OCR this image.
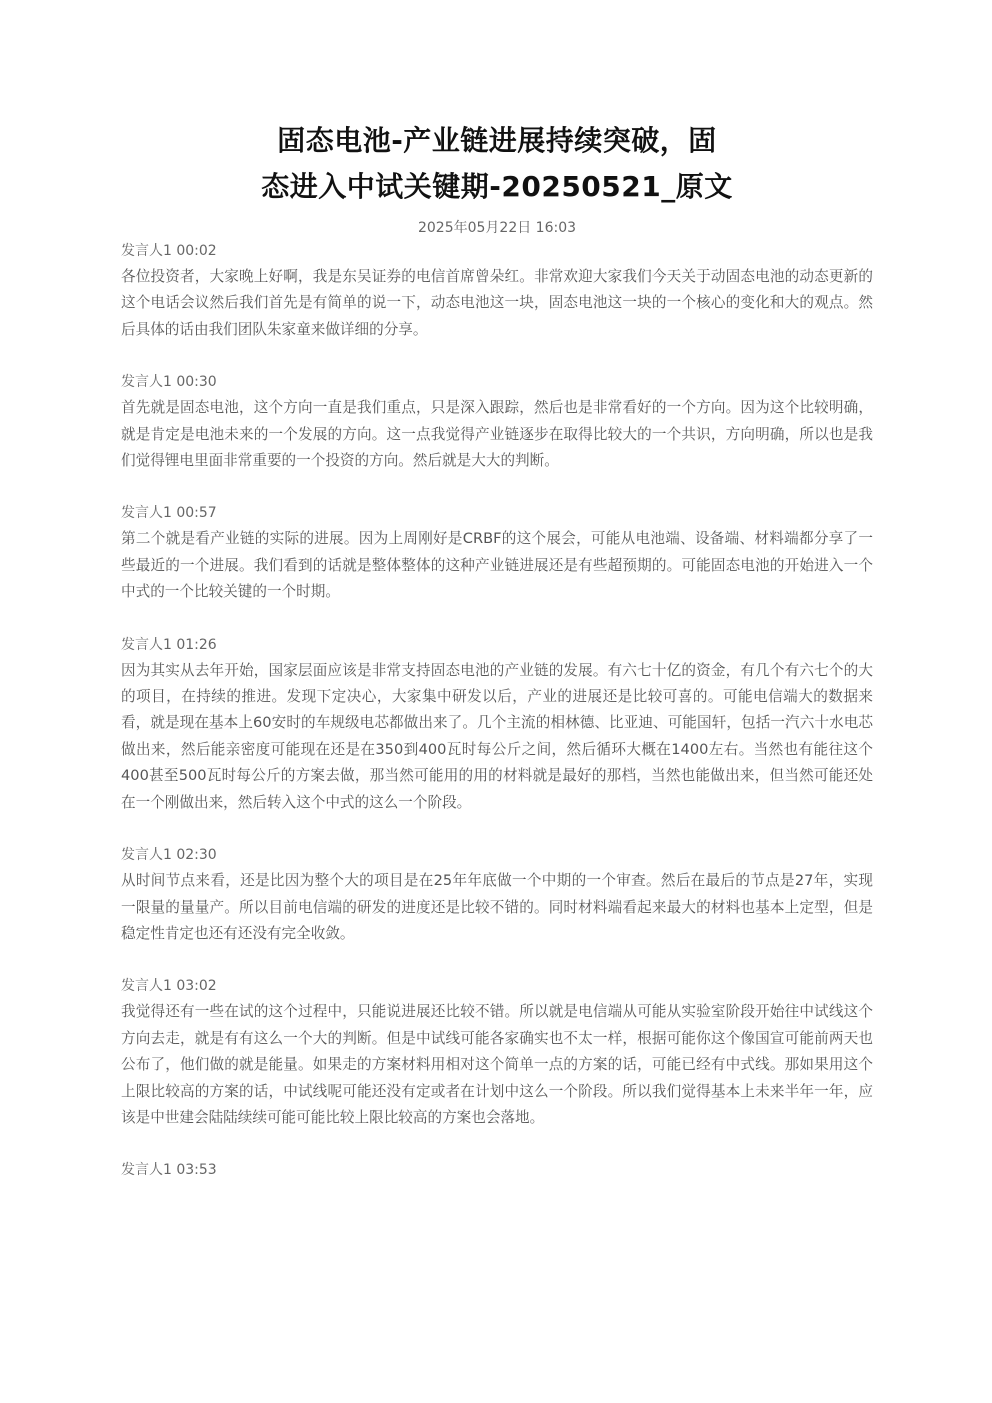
固态电池-产业链进展持续突破，固
态进入中试关键期-20250521_原文
2025年05月22日 16:03

发言人1 00:02

各位投资者，大家晚上好啊，我是东吴证券的电信首席曾朵红。非常欢迎大家我们今天关于动固态电池的动态更新的这个电话会议然后我们首先是有简单的说一下，动态电池这一块，固态电池这一块的一个核心的变化和大的观点。然后具体的话由我们团队朱家童来做详细的分享。

发言人1 00:30

首先就是固态电池，这个方向一直是我们重点，只是深入跟踪，然后也是非常看好的一个方向。因为这个比较明确，就是肯定是电池未来的一个发展的方向。这一点我觉得产业链逐步在取得比较大的一个共识，方向明确，所以也是我们觉得锂电里面非常重要的一个投资的方向。然后就是大大的判断。

发言人1 00:57

第二个就是看产业链的实际的进展。因为上周刚好是CRBF的这个展会，可能从电池端、设备端、材料端都分享了一些最近的一个进展。我们看到的话就是整体整体的这种产业链进展还是有些超预期的。可能固态电池的开始进入一个中式的一个比较关键的一个时期。

发言人1 01:26

因为其实从去年开始，国家层面应该是非常支持固态电池的产业链的发展。有六七十亿的资金，有几个有六七个的大的项目，在持续的推进。发现下定决心，大家集中研发以后，产业的进展还是比较可喜的。可能电信端大的数据来看，就是现在基本上60安时的车规级电芯都做出来了。几个主流的相林德、比亚迪、可能国轩，包括一汽六十水电芯做出来，然后能亲密度可能现在还是在350到400瓦时每公斤之间，然后循环大概在1400左右。当然也有能往这个400甚至500瓦时每公斤的方案去做，那当然可能用的用的材料就是最好的那档，当然也能做出来，但当然可能还处在一个刚做出来，然后转入这个中式的这么一个阶段。

发言人1 02:30

从时间节点来看，还是比因为整个大的项目是在25年年底做一个中期的一个审查。然后在最后的节点是27年，实现一限量的量量产。所以目前电信端的研发的进度还是比较不错的。同时材料端看起来最大的材料也基本上定型，但是稳定性肯定也还有还没有完全收敛。

发言人1 03:02

我觉得还有一些在试的这个过程中，只能说进展还比较不错。所以就是电信端从可能从实验室阶段开始往中试线这个方向去走，就是有有这么一个大的判断。但是中试线可能各家确实也不太一样，根据可能你这个像国宣可能前两天也公布了，他们做的就是能量。如果走的方案材料用相对这个简单一点的方案的话，可能已经有中式线。那如果用这个上限比较高的方案的话，中试线呢可能还没有定或者在计划中这么一个阶段。所以我们觉得基本上未来半年一年，应该是中世建会陆陆续续可能可能比较上限比较高的方案也会落地。

发言人1 03:53
